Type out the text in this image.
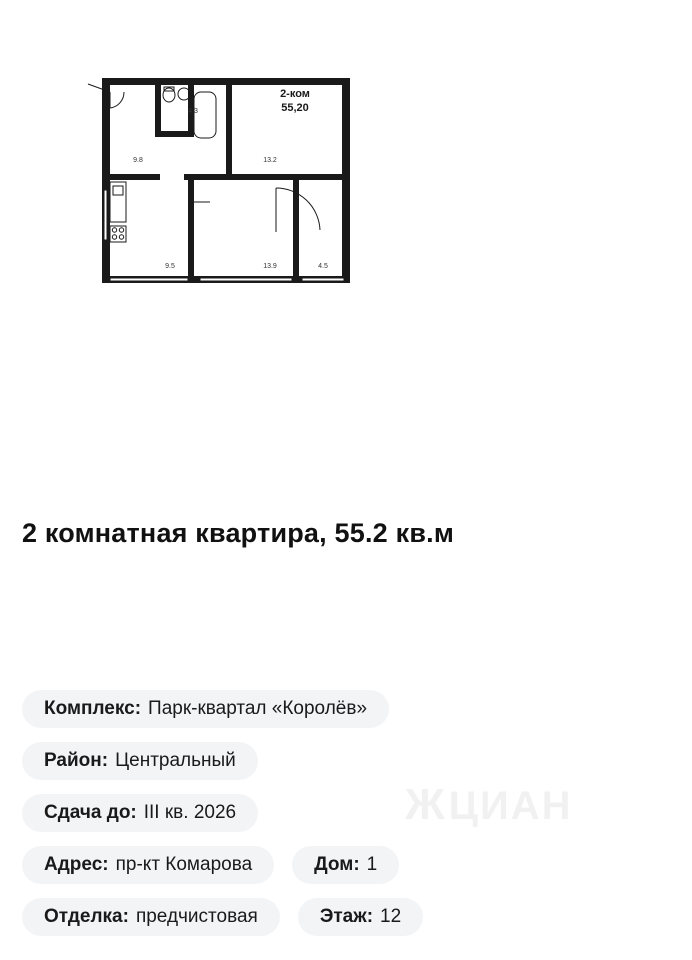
2-ком
55,20
4.3
9.8	13.2
9.5	13.9	4.5
2 комнатная квартира, 55.2 кв.м
ЖЦИАН
Комплекс: Парк-квартал «Королёв»
Район: Центральный
Сдача до: III кв. 2026
Адрес: пр-кт Комарова	Дом: 1
Отделка: предчистовая	Этаж: 12
